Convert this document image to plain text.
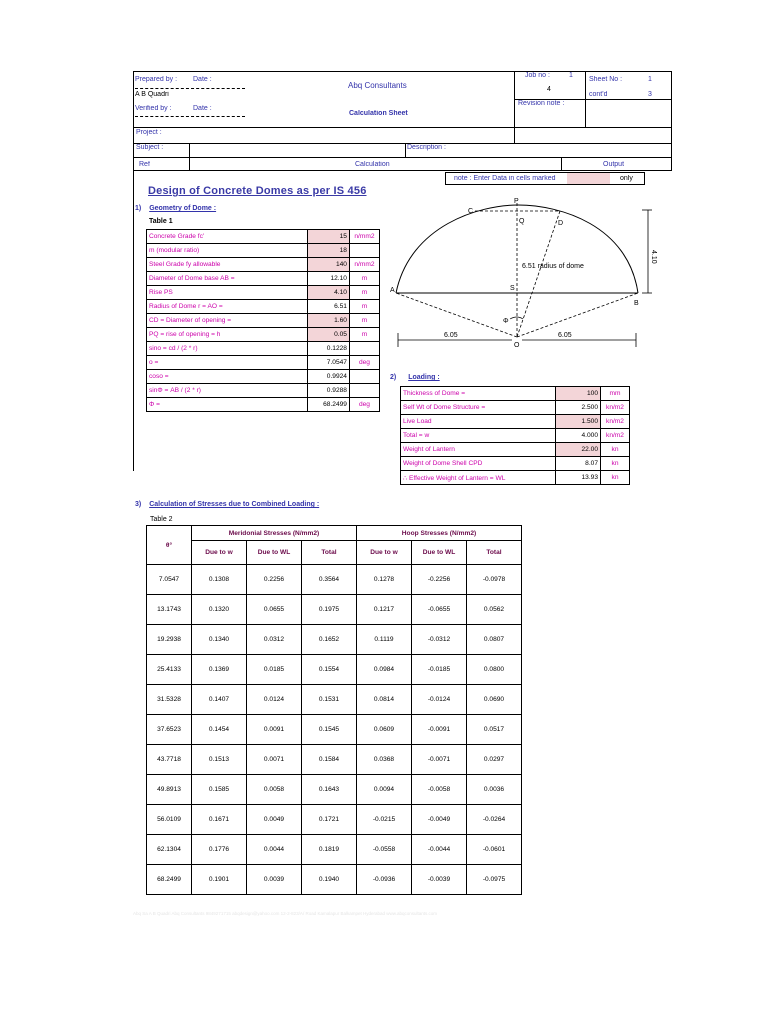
Prepared by : Date :
A B Quadri
Verified by :	Date :
Abq Consultants
Calculation Sheet
Job no :	1
4
Sheet No :	1
cont'd	3
Revision note :
Project :
Subject :	Description :
Ref	Calculation	Output
note : Enter Data in cells marked	only
Design of Concrete Domes as per IS 456
1) Geometry of Dome :
Table 1
Concrete Grade fc'	15	n/mm2
m (modular ratio)	18	
Steel Grade fy allowable	140	n/mm2
Diameter of Dome base AB =	12.10	m
Rise PS	4.10	m
Radius of Dome r = AO =	6.51	m
CD = Diameter of opening =	1.60	m
PQ = rise of opening = h	0.05	m
sino = cd / (2 * r)	0.1228	
o =	7.0547	deg
coso =	0.9924	
sinΦ = AB / (2 * r)	0.9288	
Φ =	68.2499	deg
P
C
D
Q
A
B
S
O
Φ
6.51 radius of dome
4.10
6.05	6.05
2) Loading :
Thickness of Dome =	100	mm
Self Wt of Dome Structure =	2.500	kn/m2
Live Load	1.500	kn/m2
Total = w	4.000	kn/m2
Weight of Lantern	22.00	kn
Weight of Dome Shell CPD	8.07	kn
∴ Effective Weight of Lantern = WL	13.93	kn
3) Calculation of Stresses due to Combined Loading :
Table 2
θ°	Meridonial Stresses (N/mm2)			Hoop Stresses (N/mm2)		
	Due to w	Due to WL	Total	Due to w	Due to WL	Total
7.0547	0.1308	0.2256	0.3564	0.1278	-0.2256	-0.0978
13.1743	0.1320	0.0655	0.1975	0.1217	-0.0655	0.0562
19.2938	0.1340	0.0312	0.1652	0.1119	-0.0312	0.0807
25.4133	0.1369	0.0185	0.1554	0.0984	-0.0185	0.0800
31.5328	0.1407	0.0124	0.1531	0.0814	-0.0124	0.0690
37.6523	0.1454	0.0091	0.1545	0.0609	-0.0091	0.0517
43.7718	0.1513	0.0071	0.1584	0.0368	-0.0071	0.0297
49.8913	0.1585	0.0058	0.1643	0.0094	-0.0058	0.0036
56.0109	0.1671	0.0049	0.1721	-0.0215	-0.0049	-0.0264
62.1304	0.1776	0.0044	0.1819	-0.0558	-0.0044	-0.0601
68.2499	0.1901	0.0039	0.1940	-0.0936	-0.0039	-0.0975
Abq Sa A B Quadri Abq Consultants 9849271715 abqdesign@yahoo.com 12-2-823/A/ Road Kamalapur Balkampet Hyderabad www.abqconsultants.com
